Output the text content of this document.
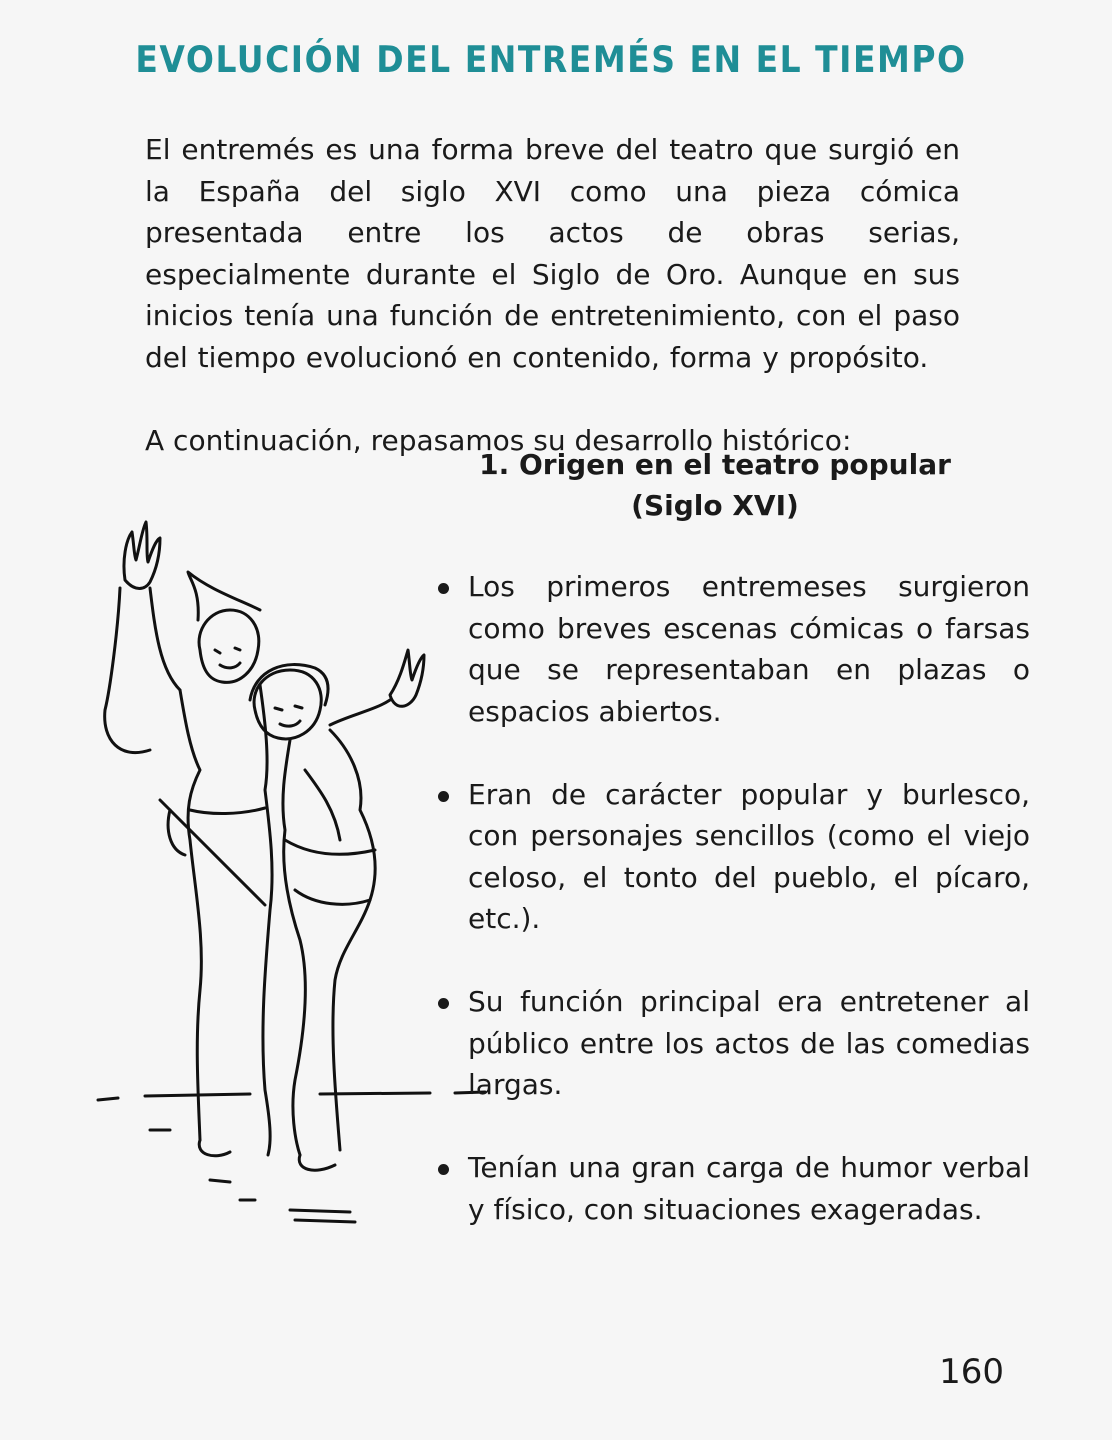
EVOLUCIÓN DEL ENTREMÉS EN EL TIEMPO

El entremés es una forma breve del teatro que surgió en la España del siglo XVI como una pieza cómica presentada entre los actos de obras serias, especialmente durante el Siglo de Oro. Aunque en sus inicios tenía una función de entretenimiento, con el paso del tiempo evolucionó en contenido, forma y propósito.

A continuación, repasamos su desarrollo histórico:

1. Origen en el teatro popular (Siglo XVI)

Los primeros entremeses surgieron como breves escenas cómicas o farsas que se representaban en plazas o espacios abiertos.
Eran de carácter popular y burlesco, con personajes sencillos (como el viejo celoso, el tonto del pueblo, el pícaro, etc.).
Su función principal era entretener al público entre los actos de las comedias largas.
Tenían una gran carga de humor verbal y físico, con situaciones exageradas.
160
